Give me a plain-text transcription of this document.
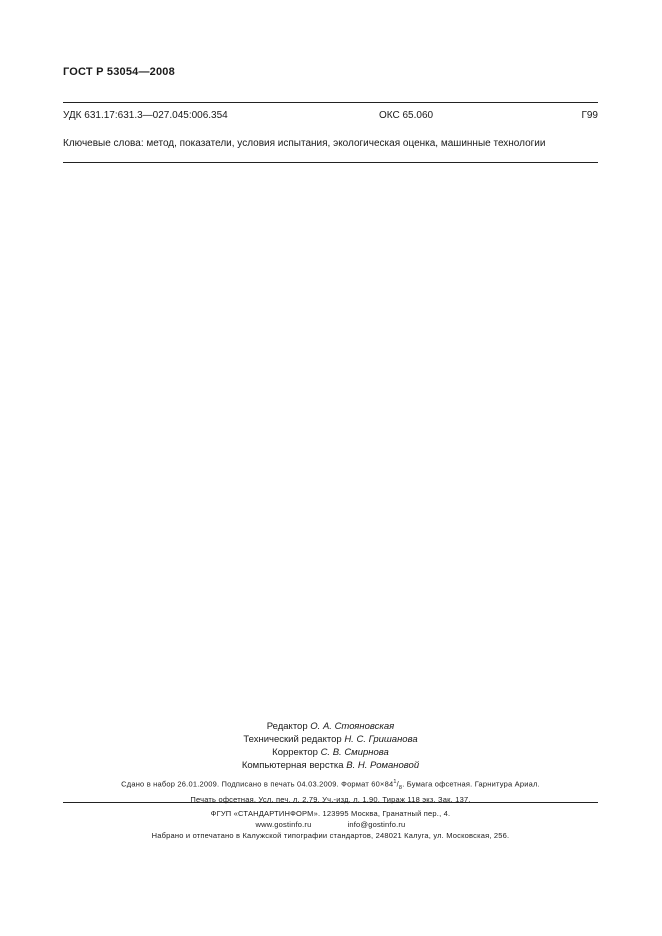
ГОСТ Р 53054—2008
УДК 631.17:631.3—027.045:006.354	ОКС 65.060	Г99
Ключевые слова: метод, показатели, условия испытания, экологическая оценка, машинные технологии
Редактор О. А. Стояновская
Технический редактор Н. С. Гришанова
Корректор С. В. Смирнова
Компьютерная верстка В. Н. Романовой
Сдано в набор 26.01.2009. Подписано в печать 04.03.2009. Формат $60\times 84^1/_8$. Бумага офсетная. Гарнитура Ариал.
Печать офсетная. Усл. печ. л. 2,79. Уч.-изд. л. 1,90. Тираж 118 экз. Зак. 137.
ФГУП «СТАНДАРТИНФОРМ». 123995 Москва, Гранатный пер., 4.
www.gostinfo.ru	info@gostinfo.ru
Набрано и отпечатано в Калужской типографии стандартов, 248021 Калуга, ул. Московская, 256.
